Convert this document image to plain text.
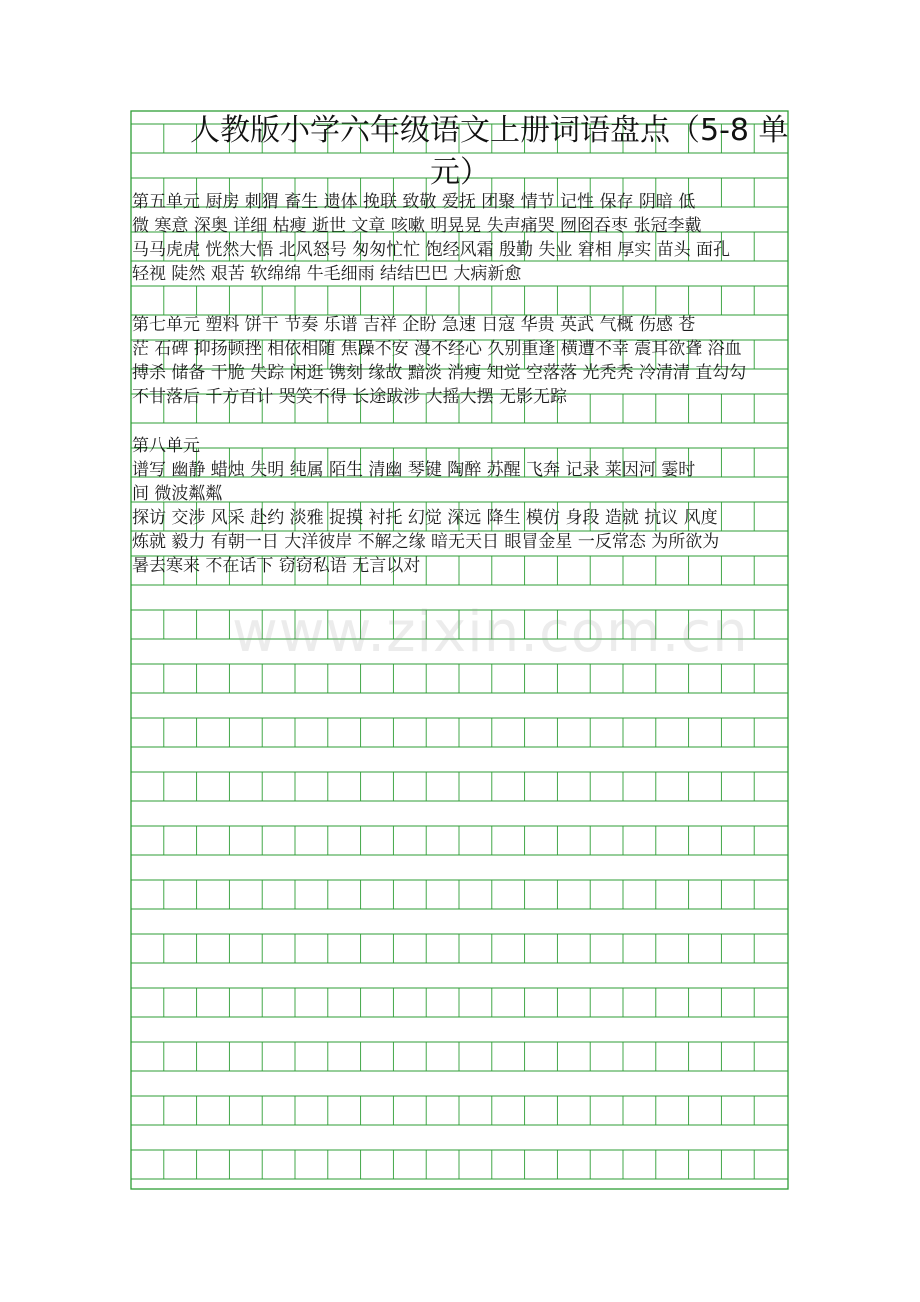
人教版小学六年级语文上册词语盘点（5-8 单
元）
第五单元 厨房 刺猬 畜生 遗体 挽联 致敬 爱抚 团聚 情节 记性 保存 阴暗 低
微 寒意 深奥 详细 枯瘦 逝世 文章 咳嗽 明晃晃 失声痛哭 囫囵吞枣 张冠李戴
马马虎虎 恍然大悟 北风怒号 匆匆忙忙 饱经风霜 殷勤 失业 窘相 厚实 苗头 面孔
轻视 陡然 艰苦 软绵绵 牛毛细雨 结结巴巴 大病新愈
第七单元 塑料 饼干 节奏 乐谱 吉祥 企盼 急速 日寇 华贵 英武 气概 伤感 苍
茫 石碑 抑扬顿挫 相依相随 焦躁不安 漫不经心 久别重逢 横遭不幸 震耳欲聋 浴血
搏杀 储备 干脆 失踪 闲逛 镌刻 缘故 黯淡 消瘦 知觉 空落落 光秃秃 冷清清 直勾勾
不甘落后 千方百计 哭笑不得 长途跋涉 大摇大摆 无影无踪
第八单元
谱写 幽静 蜡烛 失明 纯属 陌生 清幽 琴键 陶醉 苏醒 飞奔 记录 莱因河 霎时
间 微波粼粼
探访 交涉 风采 赴约 淡雅 捉摸 衬托 幻觉 深远 降生 模仿 身段 造就 抗议 风度
炼就 毅力 有朝一日 大洋彼岸 不解之缘 暗无天日 眼冒金星 一反常态 为所欲为
暑去寒来 不在话下 窃窃私语 无言以对
www.zixin.com.cn
